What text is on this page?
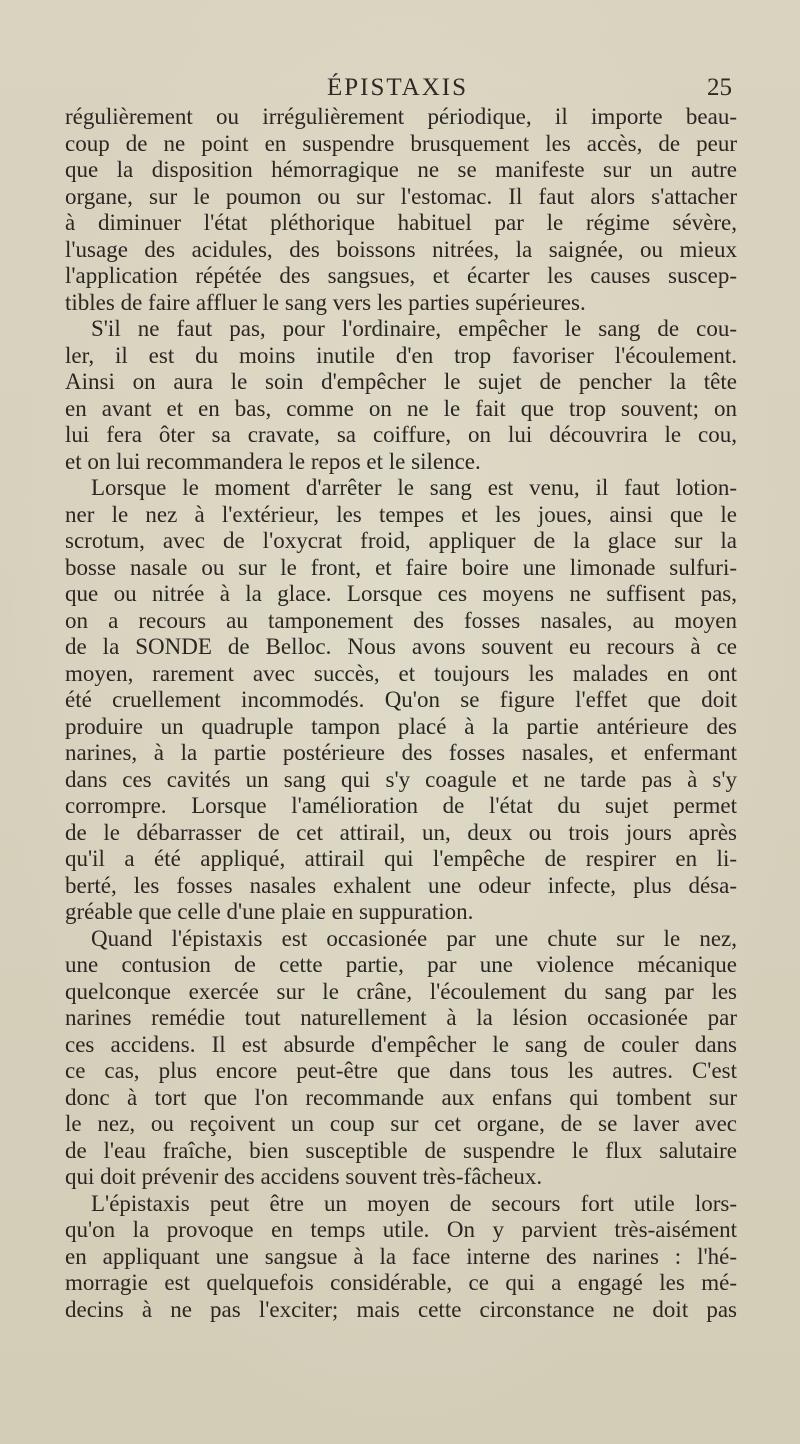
ÉPISTAXIS	25
régulièrement ou irrégulièrement périodique, il importe beau-
coup de ne point en suspendre brusquement les accès, de peur
que la disposition hémorragique ne se manifeste sur un autre
organe, sur le poumon ou sur l'estomac. Il faut alors s'attacher
à diminuer l'état pléthorique habituel par le régime sévère,
l'usage des acidules, des boissons nitrées, la saignée, ou mieux
l'application répétée des sangsues, et écarter les causes suscep-
tibles de faire affluer le sang vers les parties supérieures.
S'il ne faut pas, pour l'ordinaire, empêcher le sang de cou-
ler, il est du moins inutile d'en trop favoriser l'écoulement.
Ainsi on aura le soin d'empêcher le sujet de pencher la tête
en avant et en bas, comme on ne le fait que trop souvent; on
lui fera ôter sa cravate, sa coiffure, on lui découvrira le cou,
et on lui recommandera le repos et le silence.
Lorsque le moment d'arrêter le sang est venu, il faut lotion-
ner le nez à l'extérieur, les tempes et les joues, ainsi que le
scrotum, avec de l'oxycrat froid, appliquer de la glace sur la
bosse nasale ou sur le front, et faire boire une limonade sulfuri-
que ou nitrée à la glace. Lorsque ces moyens ne suffisent pas,
on a recours au tamponement des fosses nasales, au moyen
de la SONDE de Belloc. Nous avons souvent eu recours à ce
moyen, rarement avec succès, et toujours les malades en ont
été cruellement incommodés. Qu'on se figure l'effet que doit
produire un quadruple tampon placé à la partie antérieure des
narines, à la partie postérieure des fosses nasales, et enfermant
dans ces cavités un sang qui s'y coagule et ne tarde pas à s'y
corrompre. Lorsque l'amélioration de l'état du sujet permet
de le débarrasser de cet attirail, un, deux ou trois jours après
qu'il a été appliqué, attirail qui l'empêche de respirer en li-
berté, les fosses nasales exhalent une odeur infecte, plus désa-
gréable que celle d'une plaie en suppuration.
Quand l'épistaxis est occasionée par une chute sur le nez,
une contusion de cette partie, par une violence mécanique
quelconque exercée sur le crâne, l'écoulement du sang par les
narines remédie tout naturellement à la lésion occasionée par
ces accidens. Il est absurde d'empêcher le sang de couler dans
ce cas, plus encore peut-être que dans tous les autres. C'est
donc à tort que l'on recommande aux enfans qui tombent sur
le nez, ou reçoivent un coup sur cet organe, de se laver avec
de l'eau fraîche, bien susceptible de suspendre le flux salutaire
qui doit prévenir des accidens souvent très-fâcheux.
L'épistaxis peut être un moyen de secours fort utile lors-
qu'on la provoque en temps utile. On y parvient très-aisément
en appliquant une sangsue à la face interne des narines : l'hé-
morragie est quelquefois considérable, ce qui a engagé les mé-
decins à ne pas l'exciter; mais cette circonstance ne doit pas
